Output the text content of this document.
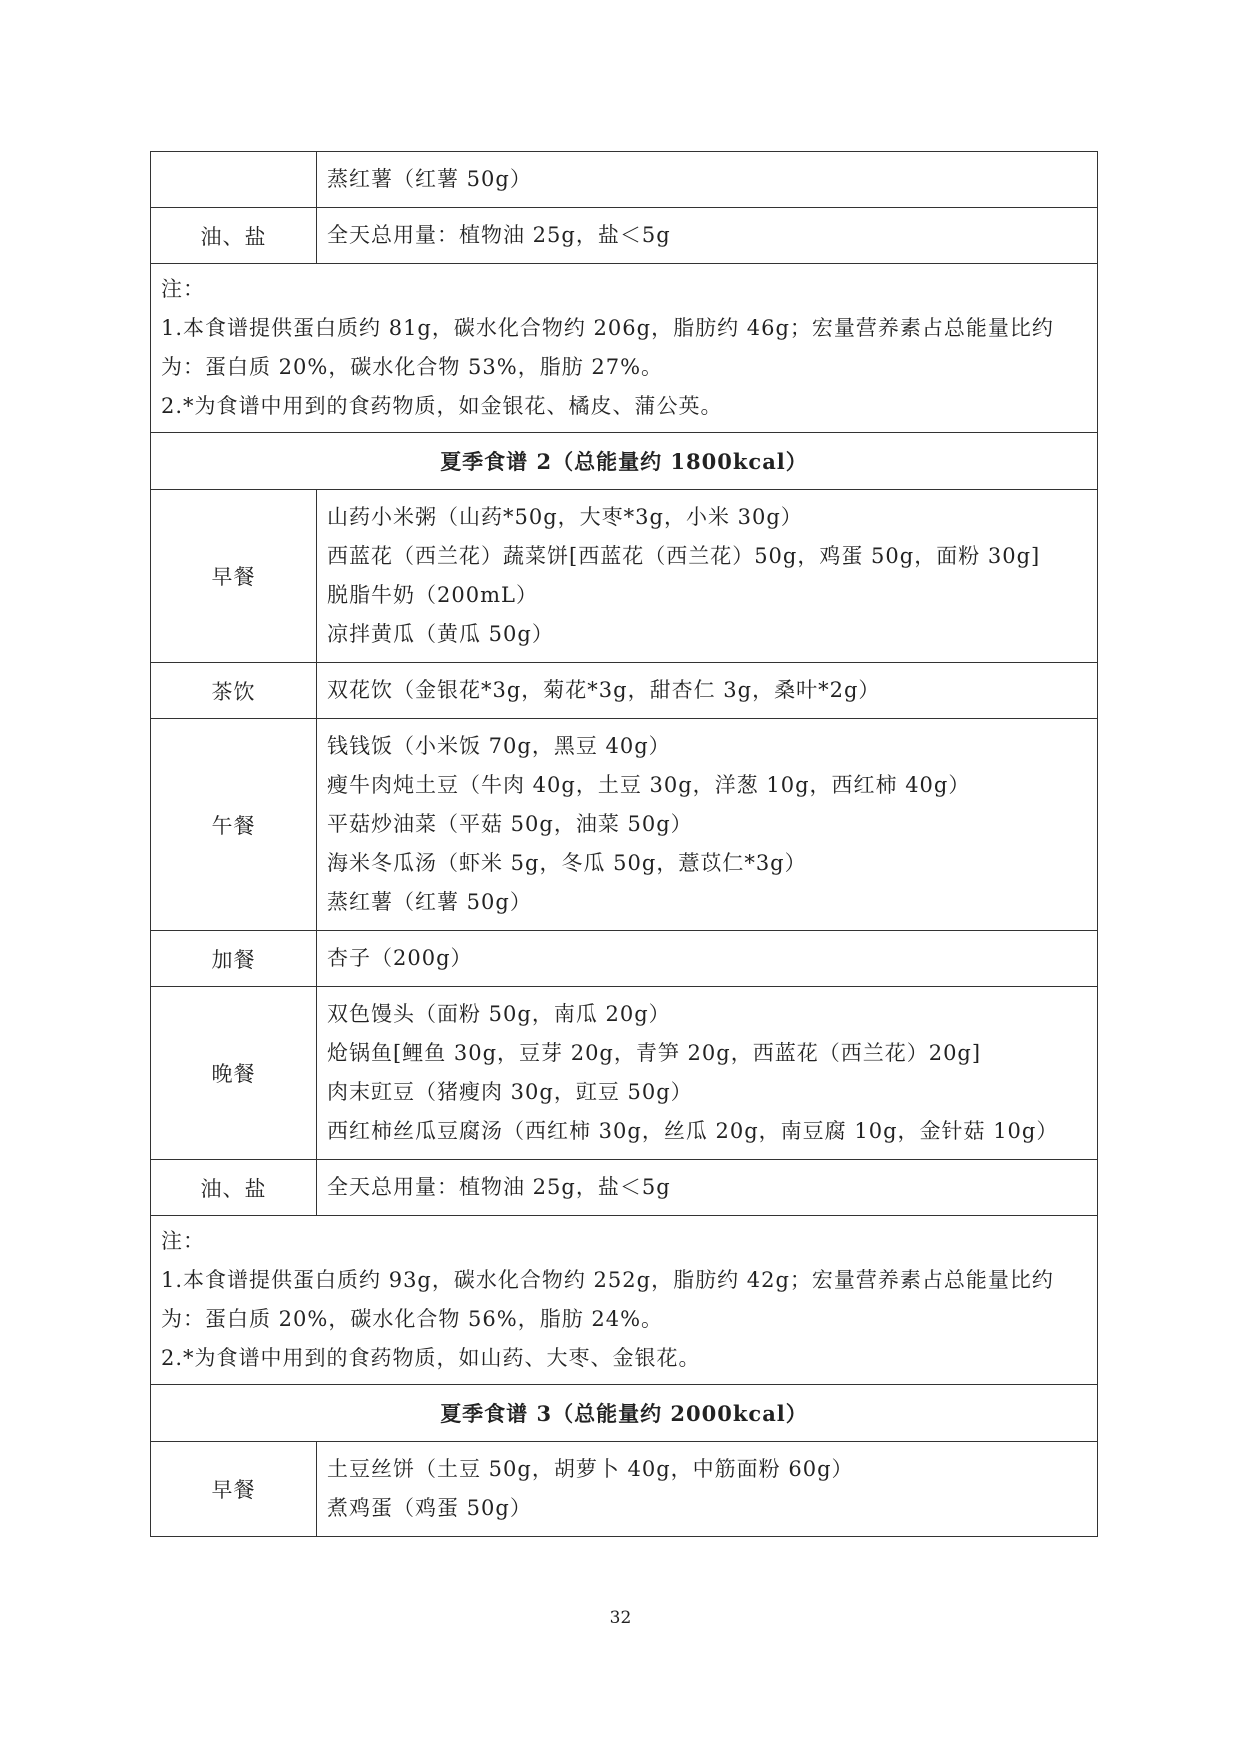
	蒸红薯（红薯 50g）

油、盐	全天总用量：植物油 25g，盐＜5g

注：
1.本食谱提供蛋白质约 81g，碳水化合物约 206g，脂肪约 46g；宏量营养素占总能量比约为：蛋白质 20%，碳水化合物 53%，脂肪 27%。
2.*为食谱中用到的食药物质，如金银花、橘皮、蒲公英。	

夏季食谱 2（总能量约 1800kcal）	
早餐	山药小米粥（山药*50g，大枣*3g，小米 30g）
西蓝花（西兰花）蔬菜饼[西蓝花（西兰花）50g，鸡蛋 50g，面粉 30g]
脱脂牛奶（200mL）
凉拌黄瓜（黄瓜 50g）

茶饮	双花饮（金银花*3g，菊花*3g，甜杏仁 3g，桑叶*2g）

午餐	钱钱饭（小米饭 70g，黑豆 40g）
瘦牛肉炖土豆（牛肉 40g，土豆 30g，洋葱 10g，西红柿 40g）
平菇炒油菜（平菇 50g，油菜 50g）
海米冬瓜汤（虾米 5g，冬瓜 50g，薏苡仁*3g）
蒸红薯（红薯 50g）

加餐	杏子（200g）

晚餐	双色馒头（面粉 50g，南瓜 20g）
炝锅鱼[鲤鱼 30g，豆芽 20g，青笋 20g，西蓝花（西兰花）20g]
肉末豇豆（猪瘦肉 30g，豇豆 50g）
西红柿丝瓜豆腐汤（西红柿 30g，丝瓜 20g，南豆腐 10g，金针菇 10g）

油、盐	全天总用量：植物油 25g，盐＜5g

注：
1.本食谱提供蛋白质约 93g，碳水化合物约 252g，脂肪约 42g；宏量营养素占总能量比约为：蛋白质 20%，碳水化合物 56%，脂肪 24%。
2.*为食谱中用到的食药物质，如山药、大枣、金银花。	

夏季食谱 3（总能量约 2000kcal）	
早餐	土豆丝饼（土豆 50g，胡萝卜 40g，中筋面粉 60g）
煮鸡蛋（鸡蛋 50g）
32
